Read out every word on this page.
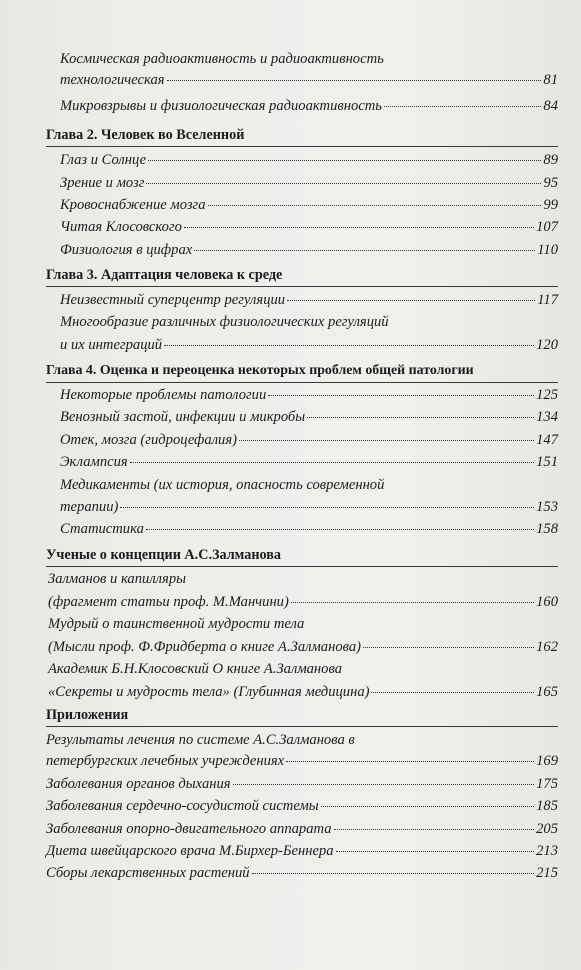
Космическая радиоактивность и радиоактивность
технологическая	81
Микровзрывы и физиологическая радиоактивность	84
Глава 2. Человек во Вселенной
Глаз и Солнце	89
Зрение и мозг	95
Кровоснабжение мозга	99
Читая Клосовского	107
Физиология в цифрах	110
Глава 3. Адаптация человека к среде
Неизвестный суперцентр регуляции	117
Многообразие различных физиологических регуляций
и их интеграций	120
Глава 4. Оценка и переоценка некоторых проблем общей патологии
Некоторые проблемы патологии	125
Венозный застой, инфекции и микробы	134
Отек, мозга (гидроцефалия)	147
Эклампсия	151
Медикаменты (их история, опасность современной
терапии)	153
Статистика	158
Ученые о концепции А.С.Залманова
Залманов и капилляры
(фрагмент статьи проф. М.Манчини)	160
Мудрый о таинственной мудрости тела
(Мысли проф. Ф.Фридберта о книге А.Залманова)	162
Академик Б.Н.Клосовский О книге А.Залманова
«Секреты и мудрость тела» (Глубинная медицина)	165
Приложения
Результаты лечения по системе А.С.Залманова в
петербургских лечебных учреждениях	169
Заболевания органов дыхания	175
Заболевания сердечно-сосудистой системы	185
Заболевания опорно-двигательного аппарата	205
Диета швейцарского врача М.Бирхер-Беннера	213
Сборы лекарственных растений	215
